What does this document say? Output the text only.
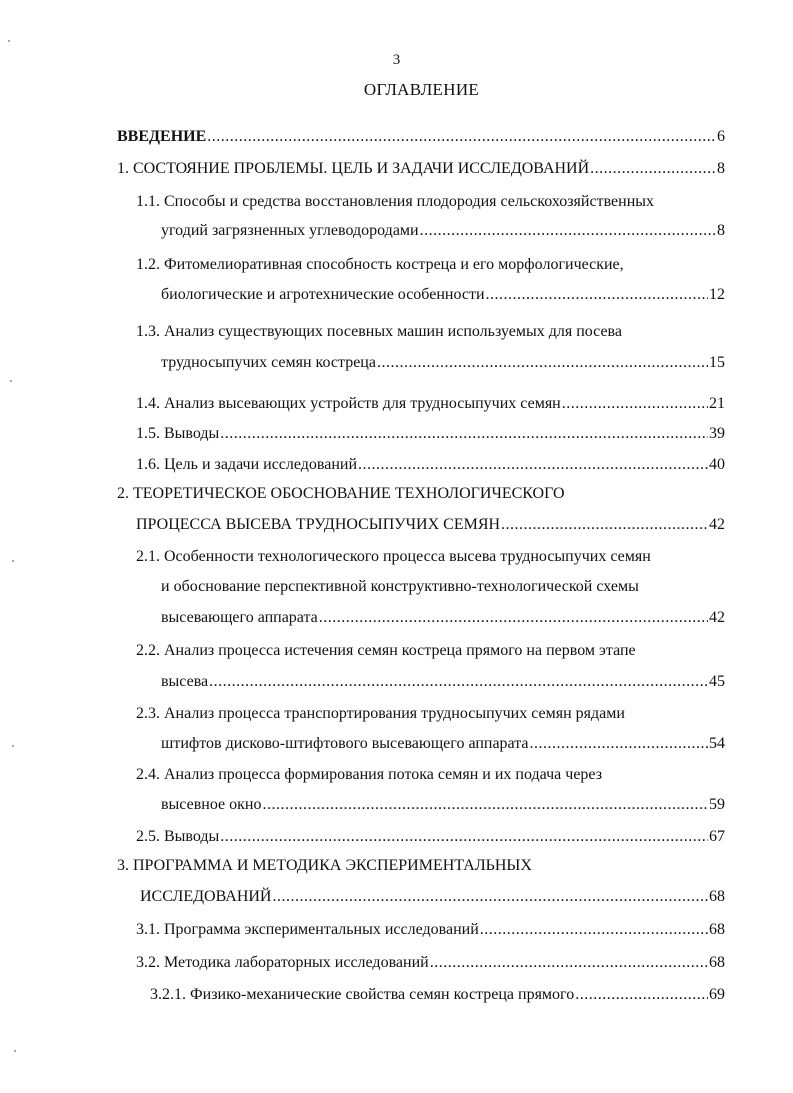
3
ОГЛАВЛЕНИЕ
ВВЕДЕНИЕ .....	6
1. СОСТОЯНИЕ ПРОБЛЕМЫ. ЦЕЛЬ И ЗАДАЧИ ИССЛЕДОВАНИЙ .....	8
1.1. Способы и средства восстановления плодородия сельскохозяйственных
угодий загрязненных углеводородами .....	8
1.2. Фитомелиоративная способность костреца и его морфологические,
биологические и агротехнические особенности .....	12
1.3. Анализ существующих посевных машин используемых для посева
трудносыпучих семян костреца .....	15
1.4. Анализ высевающих устройств для трудносыпучих семян .....	21
1.5. Выводы .....	39
1.6. Цель и задачи исследований .....	40
2. ТЕОРЕТИЧЕСКОЕ ОБОСНОВАНИЕ ТЕХНОЛОГИЧЕСКОГО
ПРОЦЕССА ВЫСЕВА ТРУДНОСЫПУЧИХ СЕМЯН .....	42
2.1. Особенности технологического процесса высева трудносыпучих семян
и обоснование перспективной конструктивно-технологической схемы
высевающего аппарата .....	42
2.2. Анализ процесса истечения семян костреца прямого на первом этапе
высева .....	45
2.3. Анализ процесса транспортирования трудносыпучих семян рядами
штифтов дисково-штифтового высевающего аппарата .....	54
2.4. Анализ процесса формирования потока семян и их подача через
высевное окно .....	59
2.5. Выводы .....	67
3. ПРОГРАММА И МЕТОДИКА ЭКСПЕРИМЕНТАЛЬНЫХ
ИССЛЕДОВАНИЙ .....	68
3.1. Программа экспериментальных исследований .....	68
3.2. Методика лабораторных исследований .....	68
3.2.1. Физико-механические свойства семян костреца прямого .....	69
